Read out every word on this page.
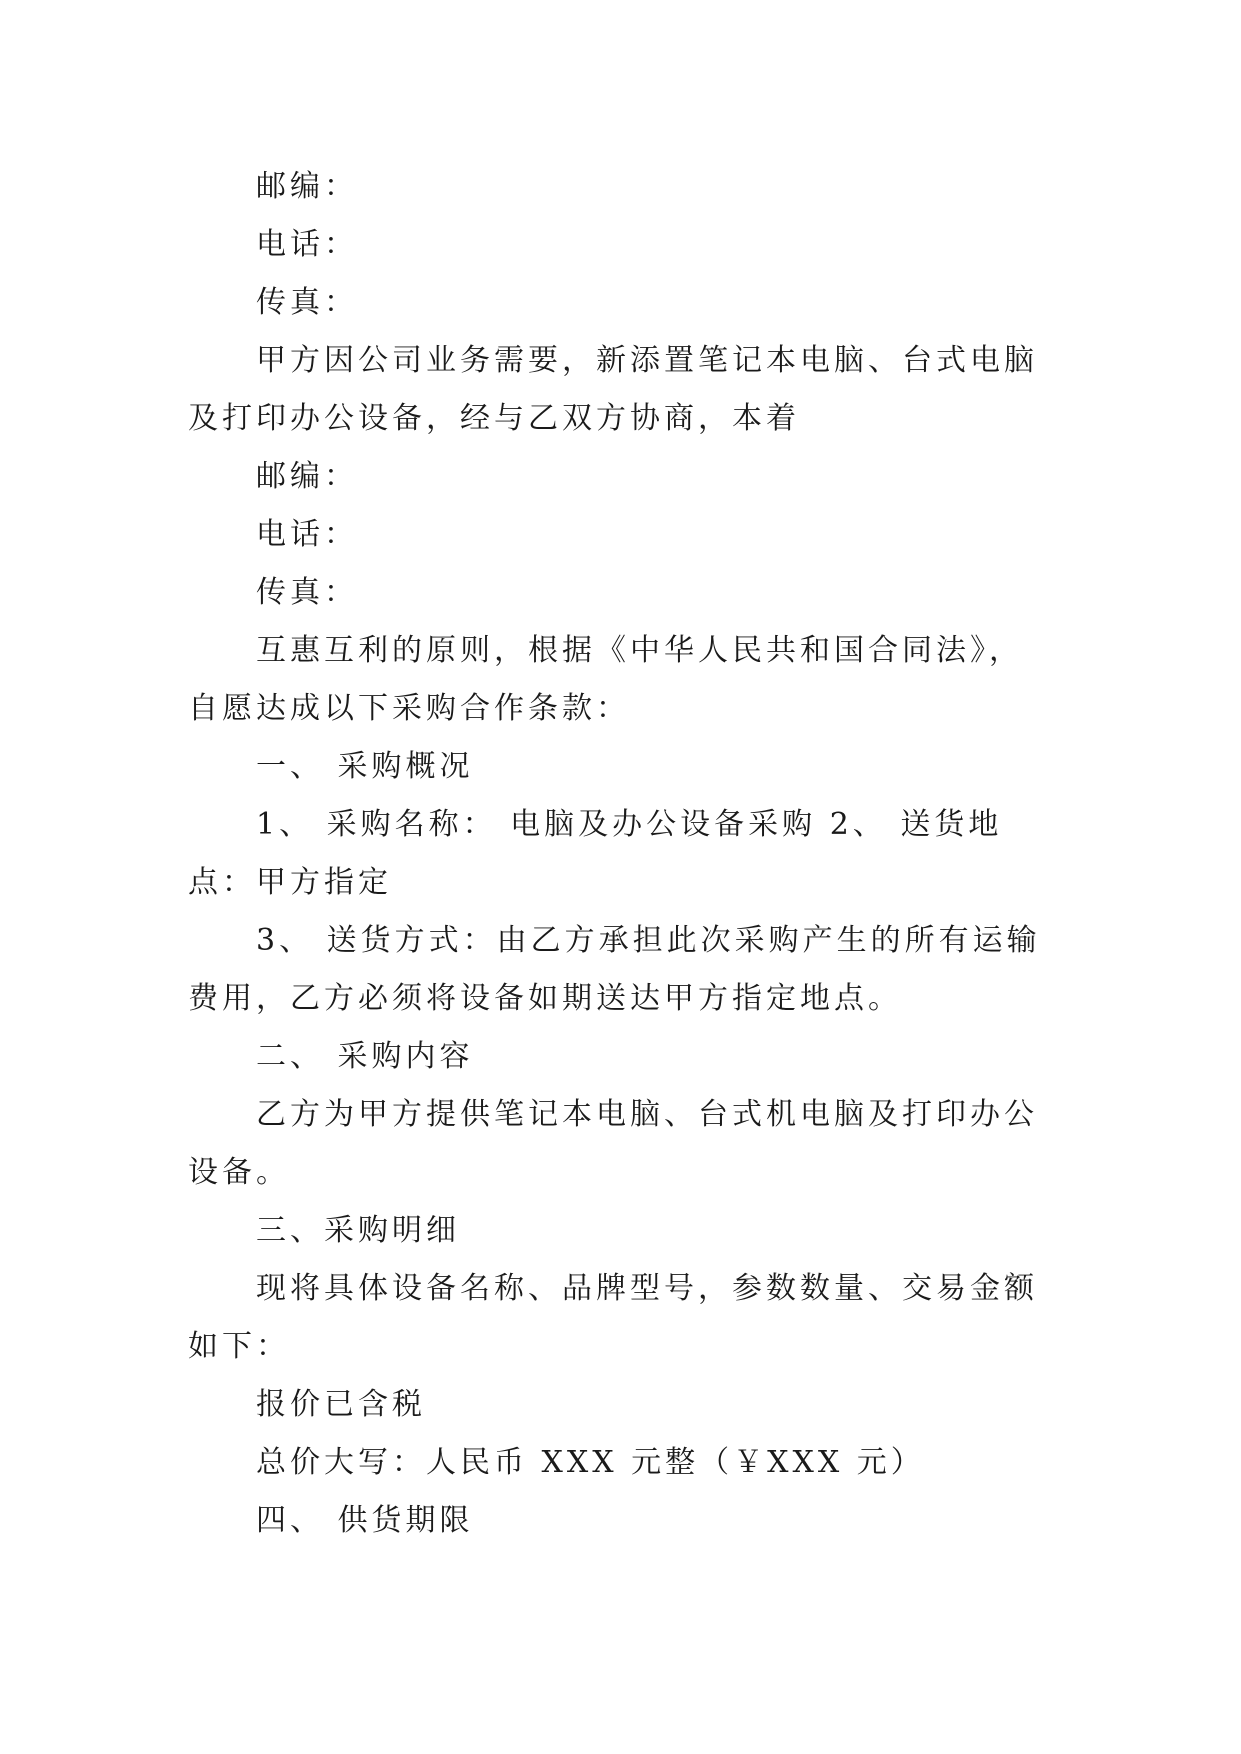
邮编：

电话：

传真：

甲方因公司业务需要，新添置笔记本电脑、台式电脑及打印办公设备，经与乙双方协商，本着

邮编：

电话：

传真：

互惠互利的原则，根据《中华人民共和国合同法》，自愿达成以下采购合作条款：

一、 采购概况

1、 采购名称： 电脑及办公设备采购 2、 送货地点：甲方指定

3、 送货方式：由乙方承担此次采购产生的所有运输费用，乙方必须将设备如期送达甲方指定地点。

二、 采购内容

乙方为甲方提供笔记本电脑、台式机电脑及打印办公设备。

三、采购明细

现将具体设备名称、品牌型号，参数数量、交易金额如下：

报价已含税

总价大写：人民币 XXX 元整（￥XXX 元）

四、 供货期限
